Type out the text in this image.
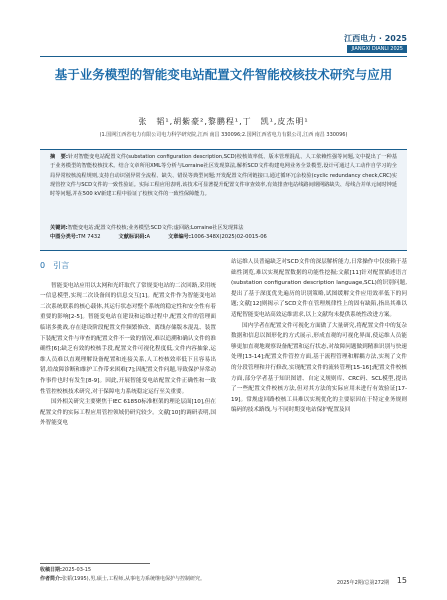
江西电力 · 2025
JIANGXI DIANLI 2025
基于业务模型的智能变电站配置文件智能校核技术研究与应用
张　韬¹,胡紫豪²,黎鹏程¹,丁　凯¹,皮杰明¹
(1.国网江西省电力有限公司电力科学研究院,江西 南昌 330096;2.国网江西省电力有限公司,江西 南昌 330096)
摘　要:针对智能变电站配置文件(substation configuration description,SCD)校核效率低、版本管理混乱、人工依赖性强等问题,文中提出了一种基于业务模型的智能校核技术。结合文章所用XML等分析与Lorraine社区发现算法,解析SCD文件构建电网业务全景模型,设计可通过人工动作自学习的全局异常校核流程规则,支持自动识别异常全流程、缺失、错误等典型问题;开发配置文件闭链接口,通过循环冗余校验(cyclic redundancy check,CRC)实现管控文件与SCD文件的一致性验证。实际工程应用表明,该技术可显著提升配置文件审查效率,有效排查电站线路间钢网路缺失、母线合并单元间时钟延时等问题,并在500 kV新建工程中验证了校核文件的一致性保障能力。
关键词:智能变电站;配置文件校核;业务模型;SCD文件;虚回路;Lorraine社区发现算法
中图分类号:TM 7432	文献标识码:A	文章编号:1006-348X(2025)02-0015-06
0　引言

智能变电站应用以太网和光纤取代了常规变电站的二次回路,采用统一信息模型,实现二次设备间的信息交互[1]。配置文件作为智能变电站二次系统联系的核心载体,其运行状态对整个系统的稳定性和安全性有着重要的影响[2-5]。智能变电站在建设和运维过程中,配置文件的管理面临诸多挑战,存在建设阶段配置文件频繁修改、离线存储版本混乱、装置下装配置文件与审查的配置文件不一致的情况,难以追溯和确认文件的准确性[6];缺乏有效的校核手段,配置文件可视化程度低,文件内容抽象,运维人员难以直观理解设备配置和连接关系,人工校核效率低下且容易出错,给故障诊断和维护工作带来困难[7];因配置文件问题,导致保护异常动作事件也时有发生[8-9]。因此,开展智能变电站配置文件正确性和一致性管控校核技术研究,对于保障电力系统稳定运行至关重要。

国外相关研究主要聚焦于IEC 61850标准框架的理论层面[10],但在配置文件的实际工程应用管控领域仍研究较少。文献[10]的调研表明,国外智能变电

站运维人员普遍缺乏对SCD文件的深层解析能力,日常操作中仅依赖于基础性浏览,难以实现配置数据的功能性挖掘;文献[11]针对配置描述语言(substation configuration description language,SCL)的识别问题,提出了基于深度优先遍历的识别策略,试图缓解文件应用效率低下的问题;文献[12]则揭示了SCD文件在管理规律性上的固有缺陷,指出其难以适配智能变电站高效运维需求,以上文献均未提供系统性改进方案。

国内学者在配置文件可视化方面做了大量研究,将配置文件中的复杂数据和信息以图形化的方式展示,形成直观的可视化界面,使运维人员能够更加直观地观察设备配置和运行状态,对故障问题做到精准识别与快速处理[13-14];配置文件管控方面,基于流程管理和解耦方法,实现了文件的分段管理和并行修改,实现配置文件的流转管理[15-16];配置文件校核方面,部分学者基于知识图谱、自定义规则库、CRC码、SCL模型,提出了一些配置文件校核方法,但对其方法的实际应用未进行有效验证[17-19]。常规虚回路校核工具难以实现优化的主要原因在于特定业务规则编码的技术路线,与不同时期变电站保护配置及回

收稿日期:2025-03-15
作者简介:张韬(1995),男,硕士,工程师,从事电力系统继电保护与控制研究。
2025年2期/总第272期 15
